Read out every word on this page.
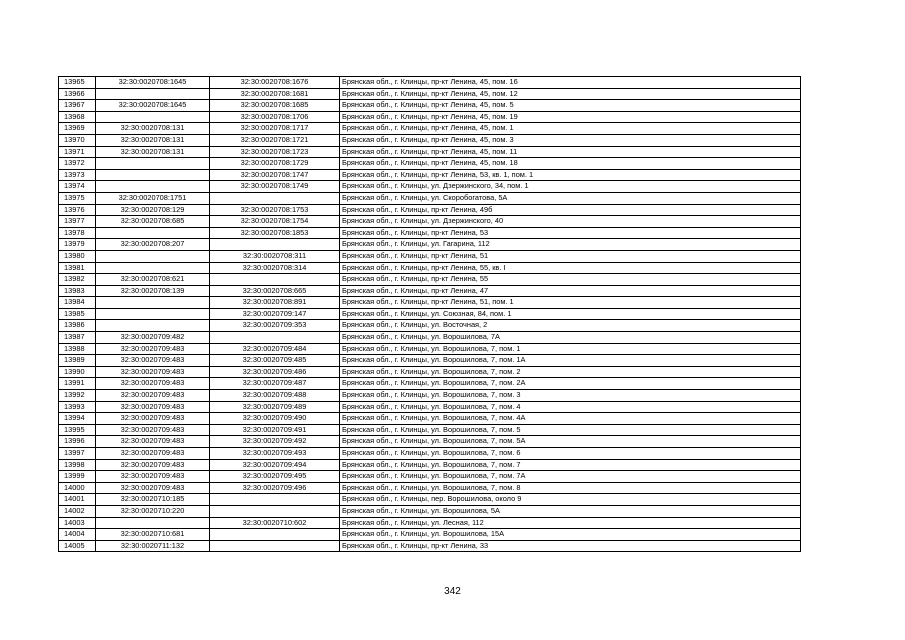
13965	32:30:0020708:1645	32:30:0020708:1676	Брянская обл., г. Клинцы, пр-кт Ленина, 45, пом. 16
13966		32:30:0020708:1681	Брянская обл., г. Клинцы, пр-кт Ленина, 45, пом. 12
13967	32:30:0020708:1645	32:30:0020708:1685	Брянская обл., г. Клинцы, пр-кт Ленина, 45, пом. 5
13968		32:30:0020708:1706	Брянская обл., г. Клинцы, пр-кт Ленина, 45, пом. 19
13969	32:30:0020708:131	32:30:0020708:1717	Брянская обл., г. Клинцы, пр-кт Ленина, 45, пом. 1
13970	32:30:0020708:131	32:30:0020708:1721	Брянская обл., г. Клинцы, пр-кт Ленина, 45, пом. 3
13971	32:30:0020708:131	32:30:0020708:1723	Брянская обл., г. Клинцы, пр-кт Ленина, 45, пом. 11
13972		32:30:0020708:1729	Брянская обл., г. Клинцы, пр-кт Ленина, 45, пом. 18
13973		32:30:0020708:1747	Брянская обл., г. Клинцы, пр-кт Ленина, 53, кв. 1, пом. 1
13974		32:30:0020708:1749	Брянская обл., г. Клинцы, ул. Дзержинского, 34, пом. 1
13975	32:30:0020708:1751		Брянская обл., г. Клинцы, ул. Скоробогатова, 5А
13976	32:30:0020708:129	32:30:0020708:1753	Брянская обл., г. Клинцы, пр-кт Ленина, 49б
13977	32:30:0020708:685	32:30:0020708:1754	Брянская обл., г. Клинцы, ул. Дзержинского, 40
13978		32:30:0020708:1853	Брянская обл., г. Клинцы, пр-кт Ленина, 53
13979	32:30:0020708:207		Брянская обл., г. Клинцы, ул. Гагарина, 112
13980		32:30:0020708:311	Брянская обл., г. Клинцы, пр-кт Ленина, 51
13981		32:30:0020708:314	Брянская обл., г. Клинцы, пр-кт Ленина, 55, кв. I
13982	32:30:0020708:621		Брянская обл., г. Клинцы, пр-кт Ленина, 55
13983	32:30:0020708:139	32:30:0020708:665	Брянская обл., г. Клинцы, пр-кт Ленина, 47
13984		32:30:0020708:891	Брянская обл., г. Клинцы, пр-кт Ленина, 51, пом. 1
13985		32:30:0020709:147	Брянская обл., г. Клинцы, ул. Союзная, 84, пом. 1
13986		32:30:0020709:353	Брянская обл., г. Клинцы, ул. Восточная, 2
13987	32:30:0020709:482		Брянская обл., г. Клинцы, ул. Ворошилова, 7А
13988	32:30:0020709:483	32:30:0020709:484	Брянская обл., г. Клинцы, ул. Ворошилова, 7, пом. 1
13989	32:30:0020709:483	32:30:0020709:485	Брянская обл., г. Клинцы, ул. Ворошилова, 7, пом. 1А
13990	32:30:0020709:483	32:30:0020709:486	Брянская обл., г. Клинцы, ул. Ворошилова, 7, пом. 2
13991	32:30:0020709:483	32:30:0020709:487	Брянская обл., г. Клинцы, ул. Ворошилова, 7, пом. 2А
13992	32:30:0020709:483	32:30:0020709:488	Брянская обл., г. Клинцы, ул. Ворошилова, 7, пом. 3
13993	32:30:0020709:483	32:30:0020709:489	Брянская обл., г. Клинцы, ул. Ворошилова, 7, пом. 4
13994	32:30:0020709:483	32:30:0020709:490	Брянская обл., г. Клинцы, ул. Ворошилова, 7, пом. 4А
13995	32:30:0020709:483	32:30:0020709:491	Брянская обл., г. Клинцы, ул. Ворошилова, 7, пом. 5
13996	32:30:0020709:483	32:30:0020709:492	Брянская обл., г. Клинцы, ул. Ворошилова, 7, пом. 5А
13997	32:30:0020709:483	32:30:0020709:493	Брянская обл., г. Клинцы, ул. Ворошилова, 7, пом. 6
13998	32:30:0020709:483	32:30:0020709:494	Брянская обл., г. Клинцы, ул. Ворошилова, 7, пом. 7
13999	32:30:0020709:483	32:30:0020709:495	Брянская обл., г. Клинцы, ул. Ворошилова, 7, пом. 7А
14000	32:30:0020709:483	32:30:0020709:496	Брянская обл., г. Клинцы, ул. Ворошилова, 7, пом. 8
14001	32:30:0020710:185		Брянская обл., г. Клинцы, пер. Ворошилова, около 9
14002	32:30:0020710:220		Брянская обл., г. Клинцы, ул. Ворошилова, 5А
14003		32:30:0020710:602	Брянская обл., г. Клинцы, ул. Лесная, 112
14004	32:30:0020710:681		Брянская обл., г. Клинцы, ул. Ворошилова, 15А
14005	32:30:0020711:132		Брянская обл., г. Клинцы, пр-кт Ленина, 33
342
